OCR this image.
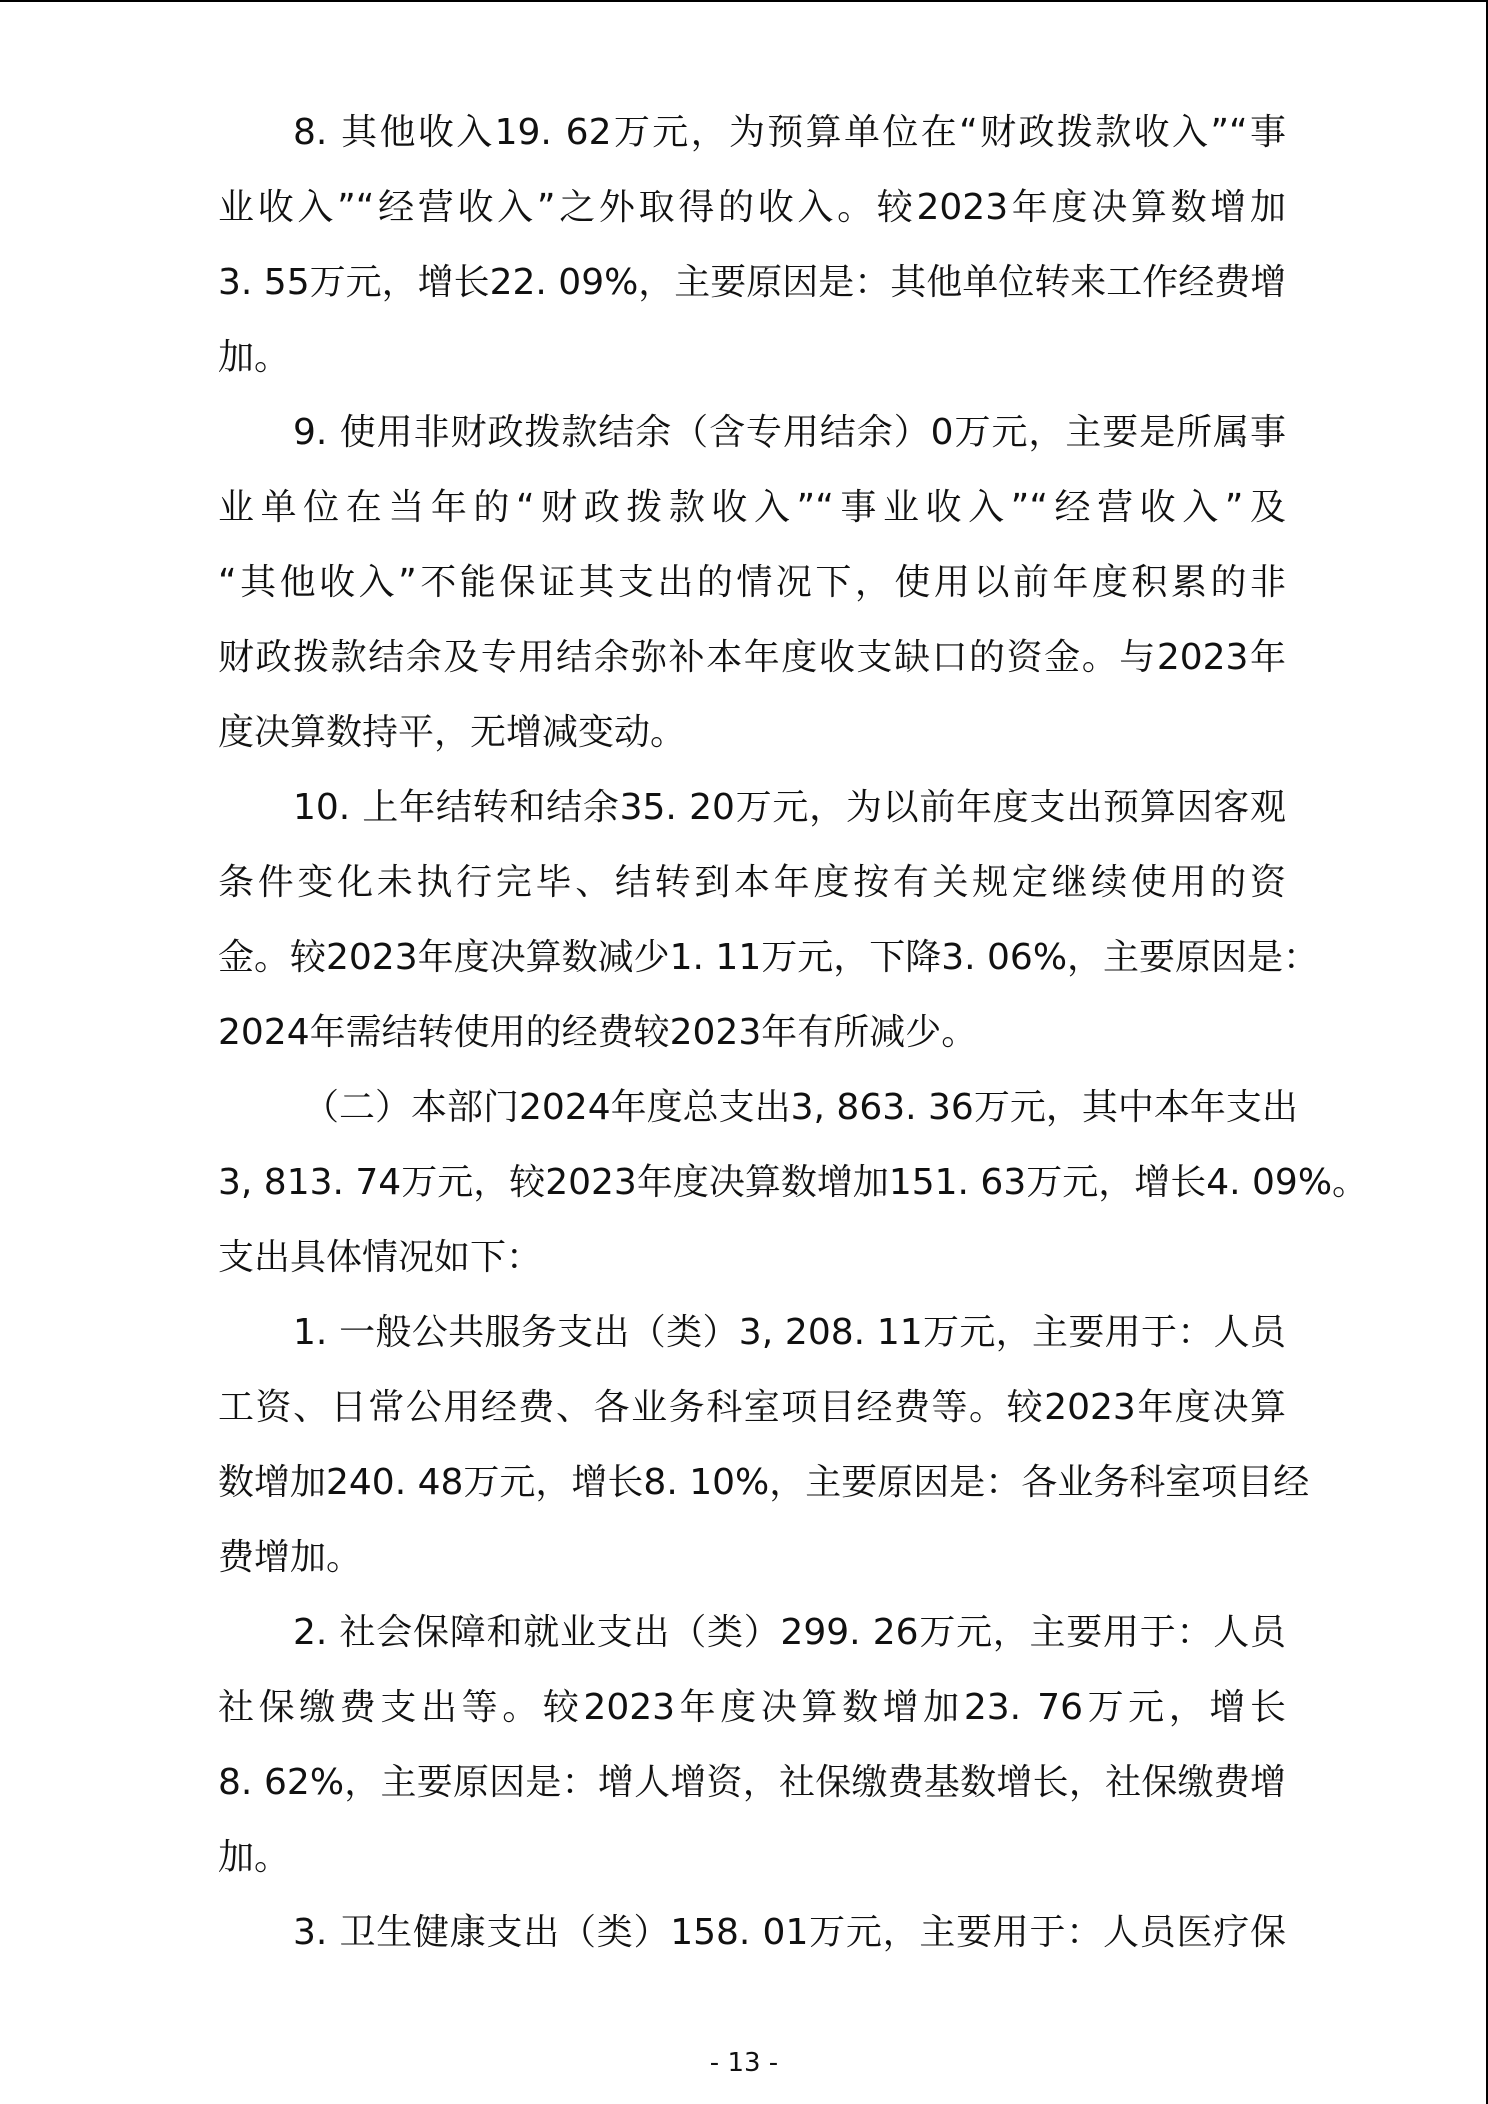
8. 其他收入19. 62万元，为预算单位在“财政拨款收入”“事
业收入”“经营收入”之外取得的收入。较2023年度决算数增加
3. 55万元，增长22. 09%，主要原因是：其他单位转来工作经费增
加。
9. 使用非财政拨款结余（含专用结余）0万元，主要是所属事
业单位在当年的“财政拨款收入”“事业收入”“经营收入”及
“其他收入”不能保证其支出的情况下，使用以前年度积累的非
财政拨款结余及专用结余弥补本年度收支缺口的资金。与2023年
度决算数持平，无增减变动。
10. 上年结转和结余35. 20万元，为以前年度支出预算因客观
条件变化未执行完毕、结转到本年度按有关规定继续使用的资
金。较2023年度决算数减少1. 11万元，下降3. 06%，主要原因是：
2024年需结转使用的经费较2023年有所减少。
（二）本部门2024年度总支出3, 863. 36万元，其中本年支出
3, 813. 74万元，较2023年度决算数增加151. 63万元，增长4. 09%。
支出具体情况如下：
1. 一般公共服务支出（类）3, 208. 11万元，主要用于：人员
工资、日常公用经费、各业务科室项目经费等。较2023年度决算
数增加240. 48万元，增长8. 10%，主要原因是：各业务科室项目经
费增加。
2. 社会保障和就业支出（类）299. 26万元，主要用于：人员
社保缴费支出等。较2023年度决算数增加23. 76万元，增长
8. 62%，主要原因是：增人增资，社保缴费基数增长，社保缴费增
加。
3. 卫生健康支出（类）158. 01万元，主要用于：人员医疗保
- 13 -
